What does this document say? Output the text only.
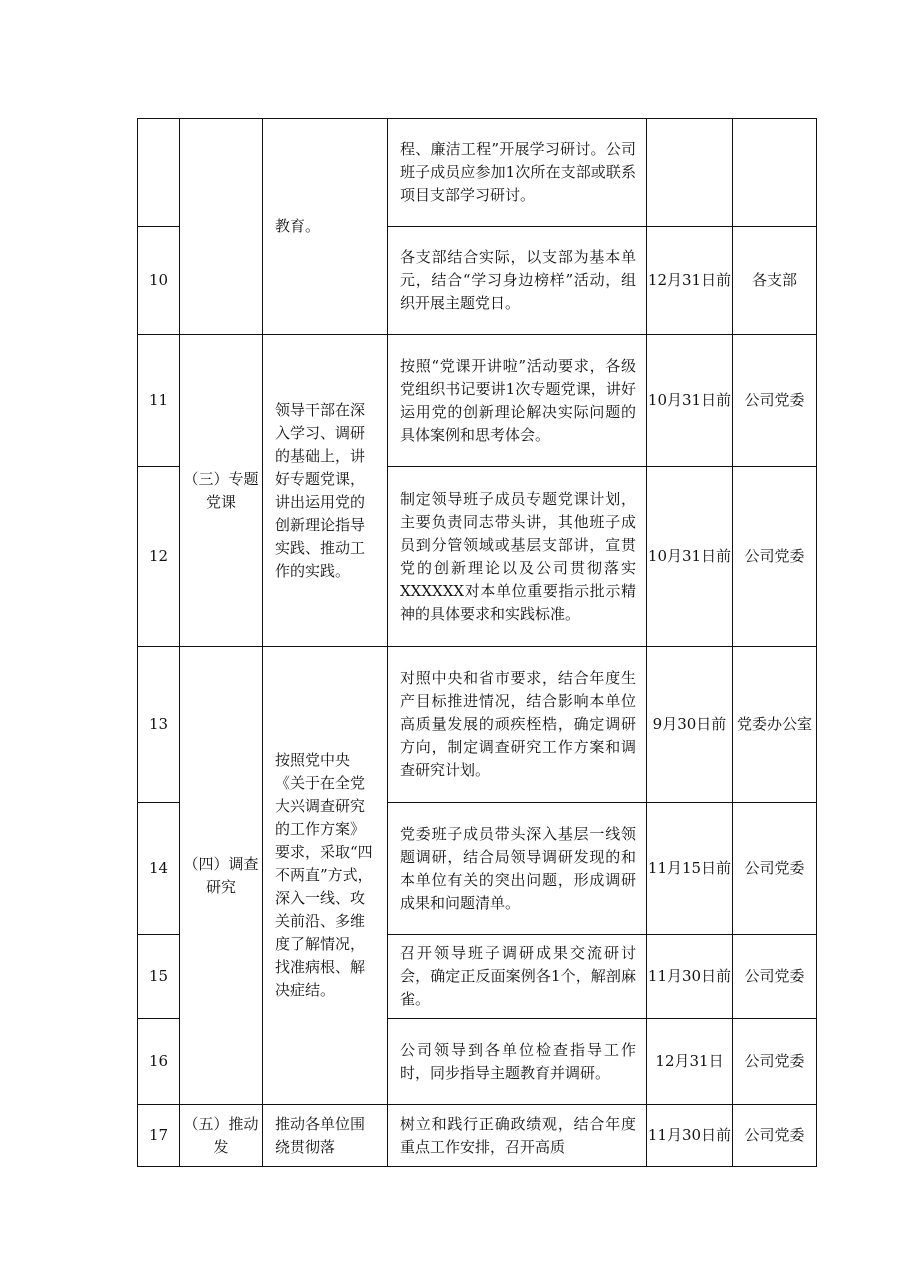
		教育。	程、廉洁工程”开展学习研讨。公司班子成员应参加1次所在支部或联系项目支部学习研讨。		
10			各支部结合实际，以支部为基本单元，结合“学习身边榜样”活动，组织开展主题党日。	12月31日前	各支部
11	（三）专题党课	领导干部在深入学习、调研的基础上，讲好专题党课，讲出运用党的创新理论指导实践、推动工作的实践。	按照“党课开讲啦”活动要求，各级党组织书记要讲1次专题党课，讲好运用党的创新理论解决实际问题的具体案例和思考体会。	10月31日前	公司党委
12			制定领导班子成员专题党课计划，主要负责同志带头讲，其他班子成员到分管领域或基层支部讲，宣贯党的创新理论以及公司贯彻落实XXXXXX对本单位重要指示批示精神的具体要求和实践标准。	10月31日前	公司党委
13	（四）调查研究	按照党中央《关于在全党大兴调查研究的工作方案》要求，采取“四不两直”方式，深入一线、攻关前沿、多维度了解情况，找准病根、解决症结。	对照中央和省市要求，结合年度生产目标推进情况，结合影响本单位高质量发展的顽疾桎梏，确定调研方向，制定调查研究工作方案和调查研究计划。	9月30日前	党委办公室
14			党委班子成员带头深入基层一线领题调研，结合局领导调研发现的和本单位有关的突出问题，形成调研成果和问题清单。	11月15日前	公司党委
15			召开领导班子调研成果交流研讨会，确定正反面案例各1个，解剖麻雀。	11月30日前	公司党委
16			公司领导到各单位检查指导工作时，同步指导主题教育并调研。	12月31日	公司党委
17	（五）推动发	推动各单位围绕贯彻落	树立和践行正确政绩观，结合年度重点工作安排，召开高质	11月30日前	公司党委
